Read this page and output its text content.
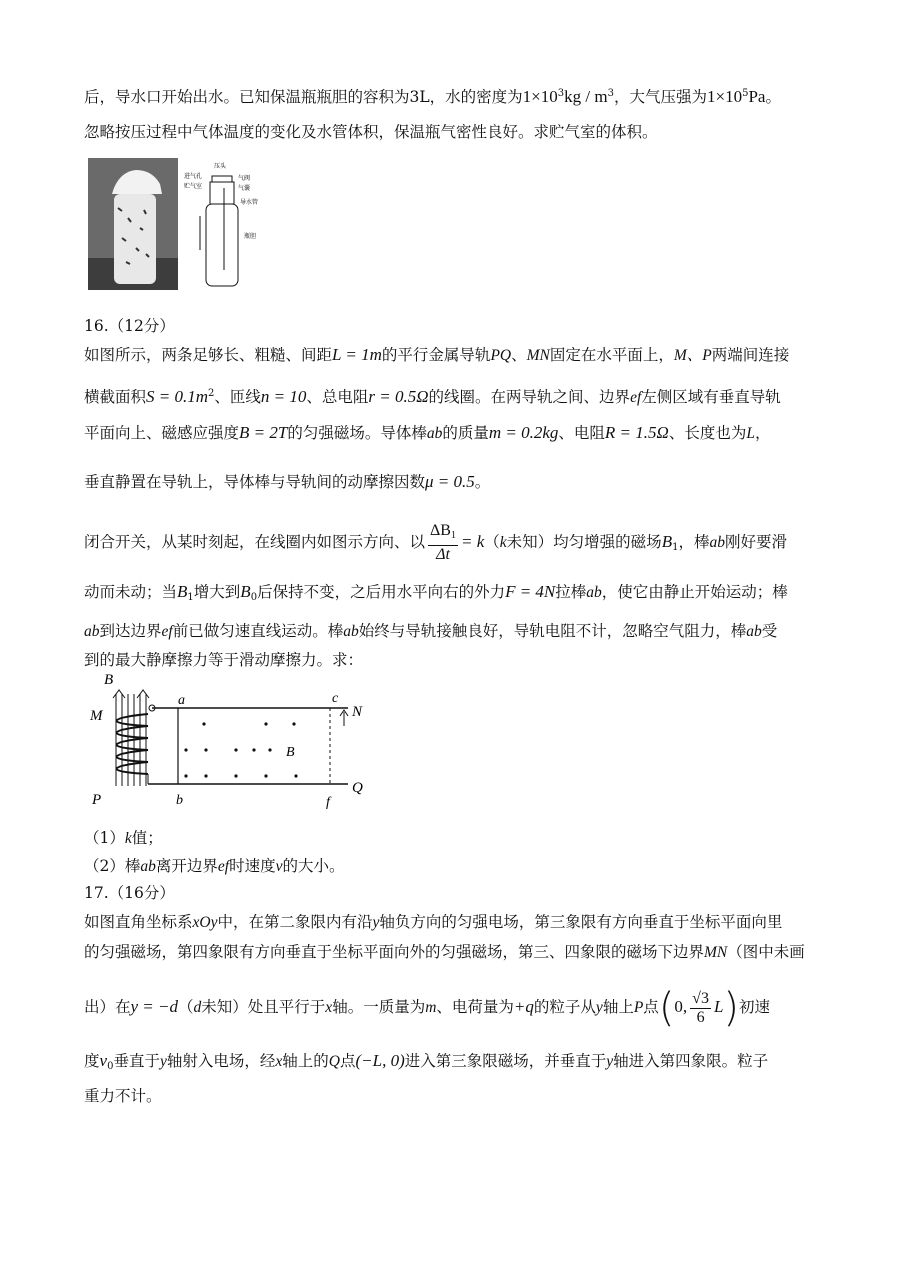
后，导水口开始出水。已知保温瓶瓶胆的容积为3L，水的密度为$1\times 10^3kg / m^3$，大气压强为$1\times 10^5Pa$。
忽略按压过程中气体温度的变化及水管体积，保温瓶气密性良好。求贮气室的体积。
压头
进气孔
贮气室
气阀
气囊
导水管
瓶胆
16.（12分）
如图所示，两条足够长、粗糙、间距L = 1m的平行金属导轨PQ、MN固定在水平面上，M、P两端间连接
横截面积$S = 0.1m^2$、匝线n = 10、总电阻r = 0.5Ω的线圈。在两导轨之间、边界ef左侧区域有垂直导轨
平面向上、磁感应强度B = 2T的匀强磁场。导体棒ab的质量m = 0.2kg、电阻R = 1.5Ω、长度也为L，
垂直静置在导轨上，导体棒与导轨间的动摩擦因数μ = 0.5。
闭合开关，从某时刻起，在线圈内如图示方向、以 $\frac{\Delta B_1}{\Delta t} = k(k$未知）均匀增强的磁场$B_1$，棒ab刚好要滑
动而未动；当$B_1$增大到$B_0$后保持不变，之后用水平向右的外力F = 4N拉棒ab，使它由静止开始运动；棒
ab到达边界ef前已做匀速直线运动。棒ab始终与导轨接触良好，导轨电阻不计，忽略空气阻力，棒ab受
到的最大静摩擦力等于滑动摩擦力。求：
B
M
P
B
a
b
c
f
N
Q
（1）k值；
（2）棒ab离开边界ef时速度v的大小。
17.（16分）
如图直角坐标系xOy中，在第二象限内有沿y轴负方向的匀强电场，第三象限有方向垂直于坐标平面向里
的匀强磁场，第四象限有方向垂直于坐标平面向外的匀强磁场，第三、四象限的磁场下边界MN（图中未画
出）在y = −d（d未知）处且平行于x轴。一质量为m、电荷量为+q的粒子从y轴上P点(0, $\frac{√3}{6} L$)初速
度$v_0$垂直于y轴射入电场，经x轴上的Q点(−L, 0)进入第三象限磁场，并垂直于y轴进入第四象限。粒子
重力不计。
